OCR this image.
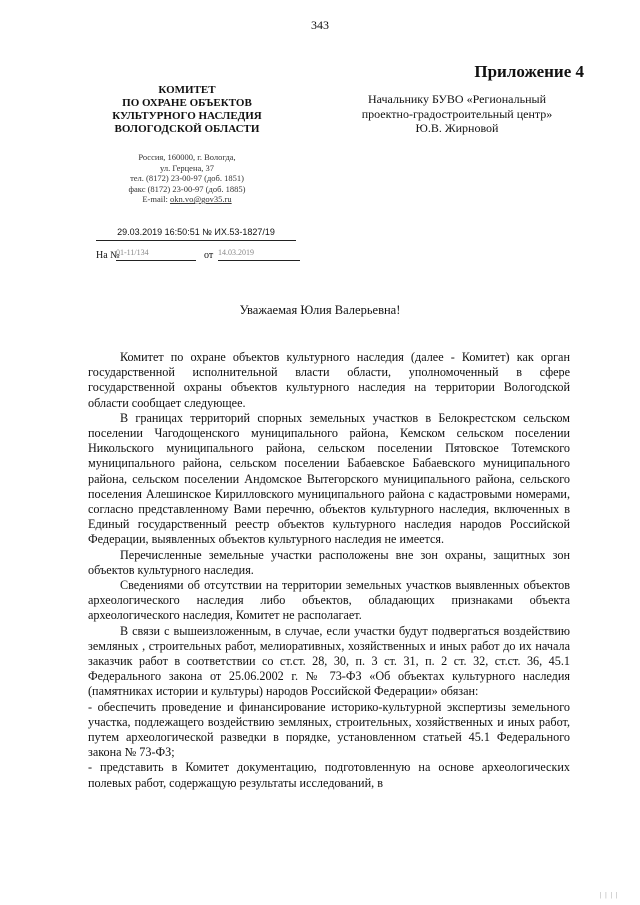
343
Приложение 4
КОМИТЕТ
ПО ОХРАНЕ ОБЪЕКТОВ
КУЛЬТУРНОГО НАСЛЕДИЯ
ВОЛОГОДСКОЙ ОБЛАСТИ
Россия, 160000, г. Вологда,
ул. Герцена, 37
тел. (8172) 23-00-97 (доб. 1851)
факс (8172) 23-00-97 (доб. 1885)
E-mail: okn.vo@gov35.ru
Начальнику БУВО «Региональный
проектно-градостроительный центр»
Ю.В. Жирновой
29.03.2019 16:50:51 № ИХ.53-1827/19
На №
01-11/134	от 14.03.2019
Уважаемая Юлия Валерьевна!

Комитет по охране объектов культурного наследия (далее - Комитет) как орган государственной исполнительной власти области, уполномоченный в сфере государственной охраны объектов культурного наследия на территории Вологодской области сообщает следующее.

В границах территорий спорных земельных участков в Белокрестском сельском поселении Чагодощенского муниципального района, Кемском сельском поселении Никольского муниципального района, сельском поселении Пятовское Тотемского муниципального района, сельском поселении Бабаевское Бабаевского муниципального района, сельском поселении Андомское Вытегорского муниципального района, сельского поселения Алешинское Кирилловского муниципального района с кадастровыми номерами, согласно представленному Вами перечню, объектов культурного наследия, включенных в Единый государственный реестр объектов культурного наследия народов Российской Федерации, выявленных объектов культурного наследия не имеется.

Перечисленные земельные участки расположены вне зон охраны, защитных зон объектов культурного наследия.

Сведениями об отсутствии на территории земельных участков выявленных объектов археологического наследия либо объектов, обладающих признаками объекта археологического наследия, Комитет не располагает.

В связи с вышеизложенным, в случае, если участки будут подвергаться воздействию земляных , строительных работ, мелиоративных, хозяйственных и иных работ до их начала заказчик работ в соответствии со ст.ст. 28, 30, п. 3 ст. 31, п. 2 ст. 32, ст.ст. 36, 45.1 Федерального закона от 25.06.2002 г. № 73-ФЗ «Об объектах культурного наследия (памятниках истории и культуры) народов Российской Федерации» обязан:

- обеспечить проведение и финансирование историко-культурной экспертизы земельного участка, подлежащего воздействию земляных, строительных, хозяйственных и иных работ, путем археологической разведки в порядке, установленном статьей 45.1 Федерального закона № 73-ФЗ;

- представить в Комитет документацию, подготовленную на основе археологических полевых работ, содержащую результаты исследований, в

| | | |
